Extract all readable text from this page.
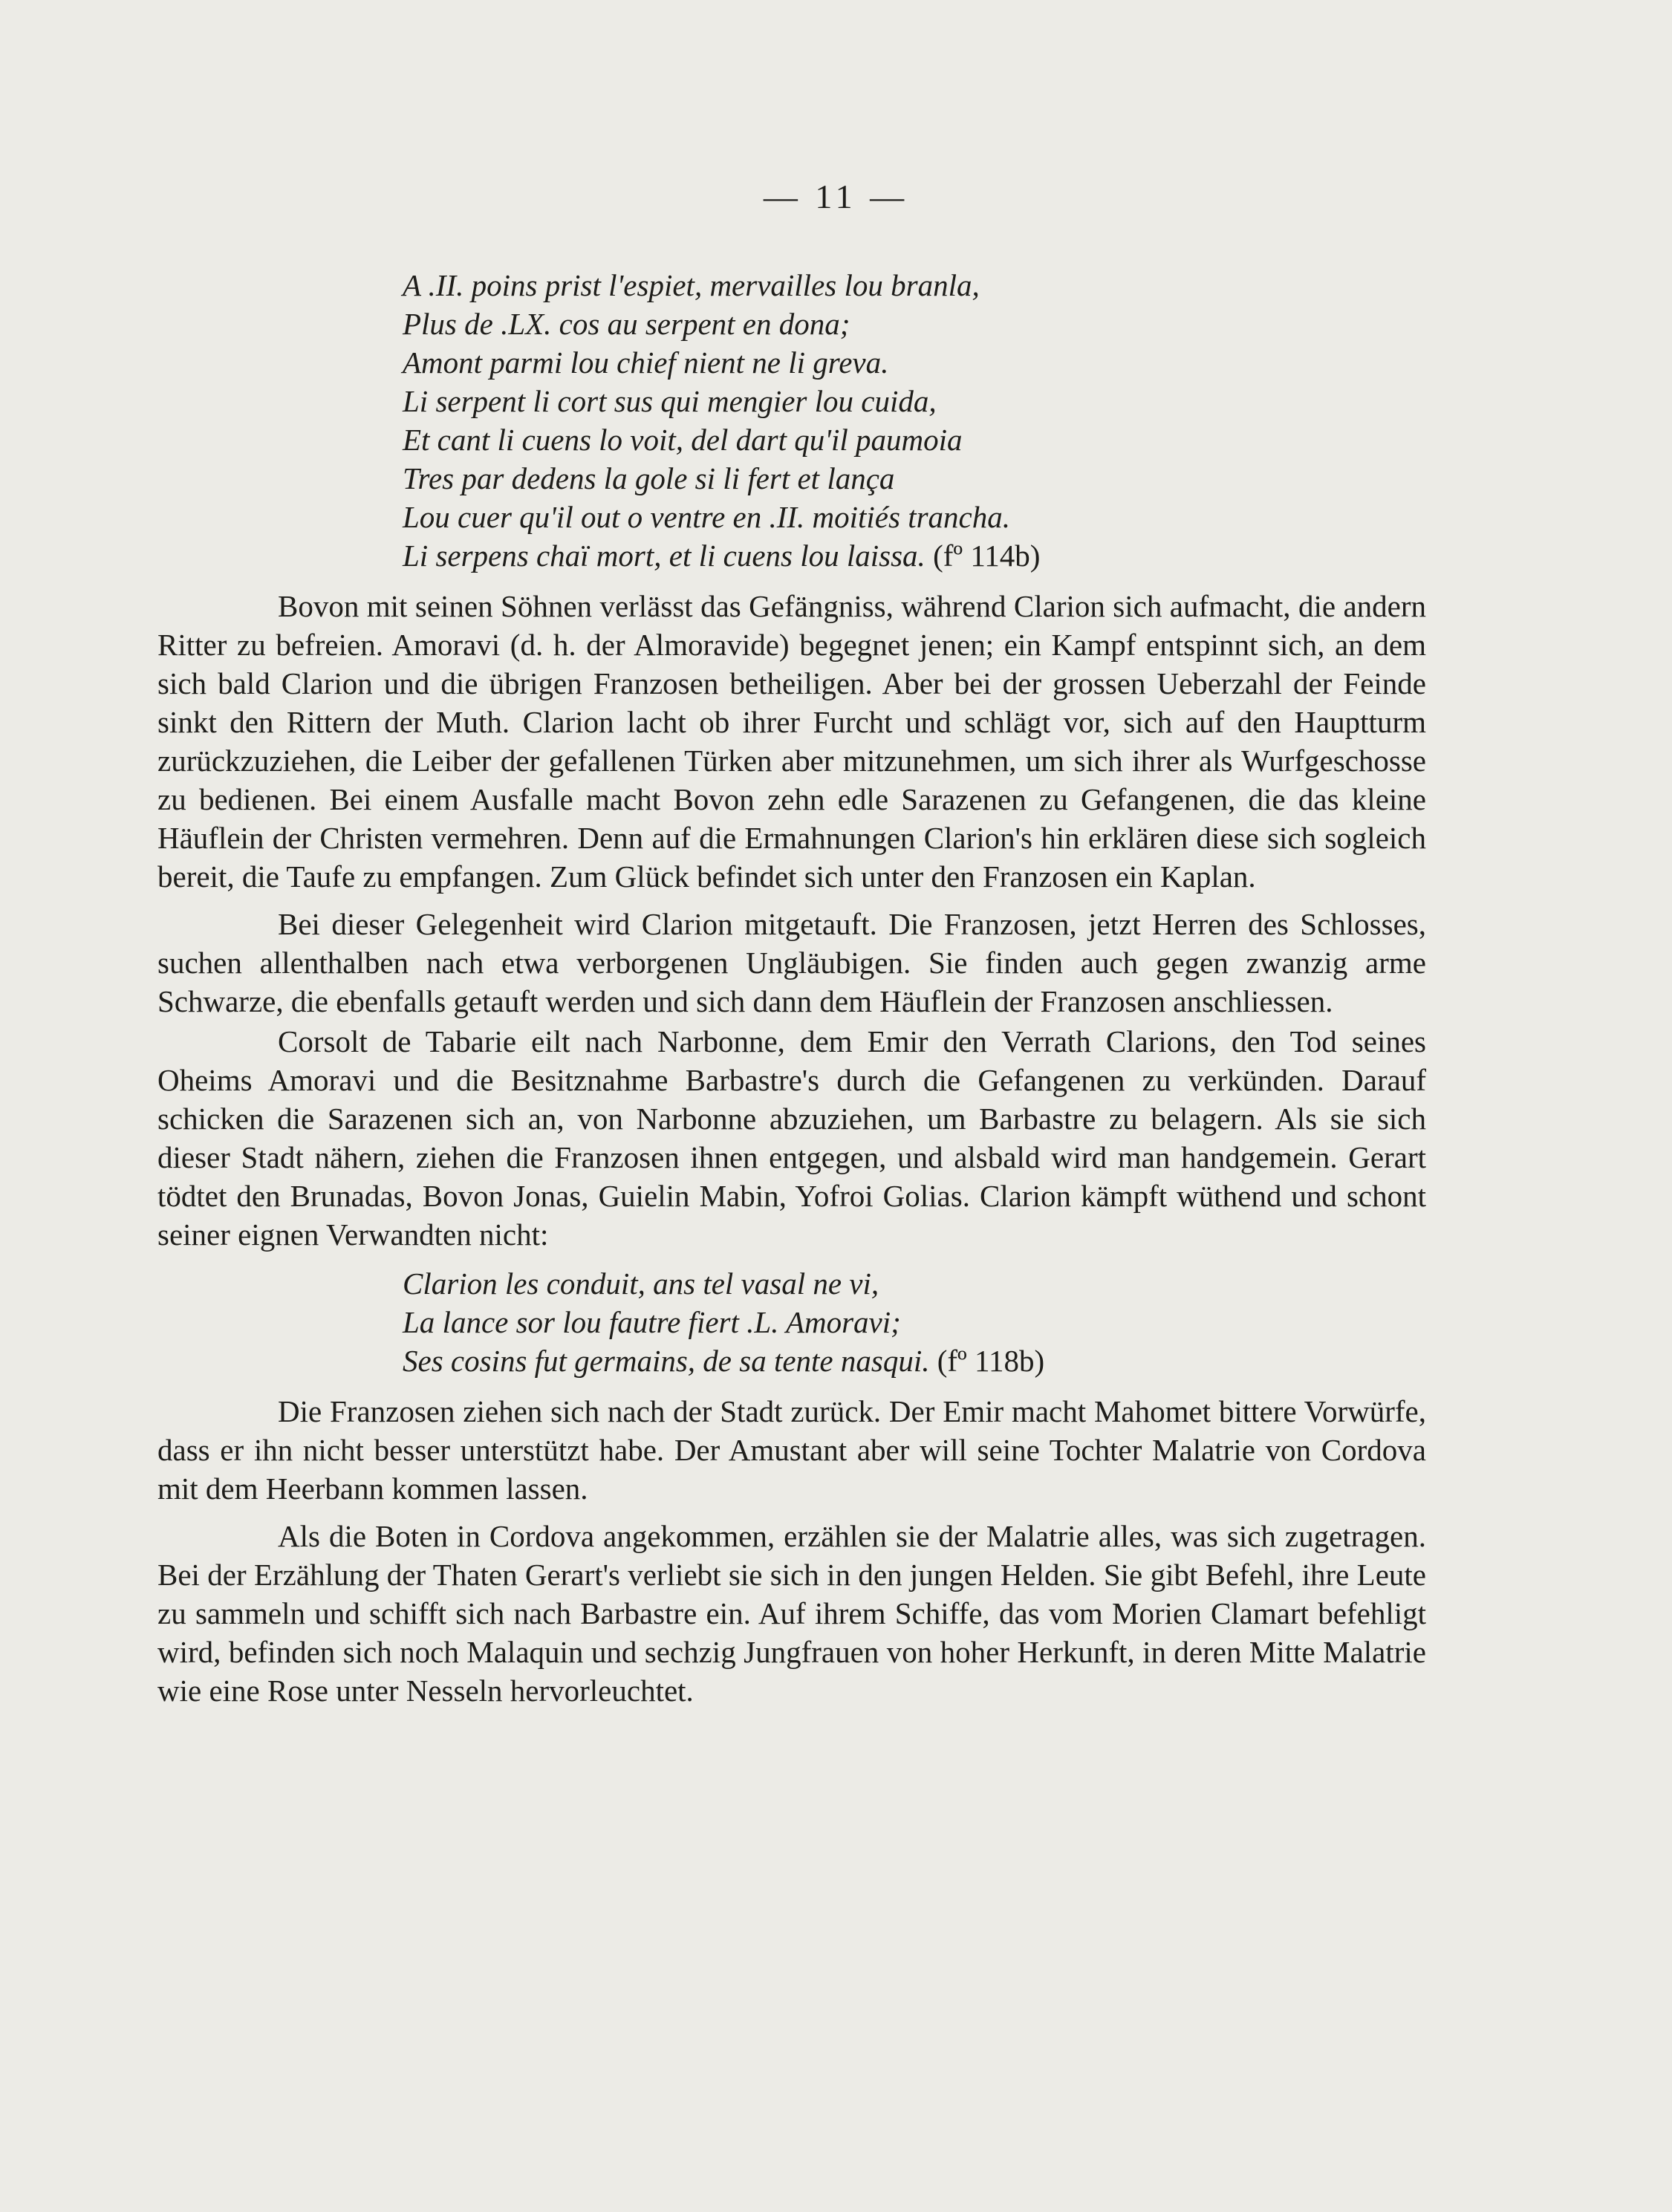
— 11 —
A .II. poins prist l'espiet, mervailles lou branla,
Plus de .LX. cos au serpent en dona;
Amont parmi lou chief nient ne li greva.
Li serpent li cort sus qui mengier lou cuida,
Et cant li cuens lo voit, del dart qu'il paumoia
Tres par dedens la gole si li fert et lança
Lou cuer qu'il out o ventre en .II. moitiés trancha.
Li serpens chaï mort, et li cuens lou laissa. (fº 114b)

Bovon mit seinen Söhnen verlässt das Gefängniss, während Clarion sich aufmacht, die andern Ritter zu befreien. Amoravi (d. h. der Almoravide) begegnet jenen; ein Kampf entspinnt sich, an dem sich bald Clarion und die übrigen Franzosen betheiligen. Aber bei der grossen Ueberzahl der Feinde sinkt den Rittern der Muth. Clarion lacht ob ihrer Furcht und schlägt vor, sich auf den Hauptturm zurückzuziehen, die Leiber der gefallenen Türken aber mitzunehmen, um sich ihrer als Wurfgeschosse zu bedienen. Bei einem Ausfalle macht Bovon zehn edle Sarazenen zu Gefangenen, die das kleine Häuflein der Christen vermehren. Denn auf die Ermahnungen Clarion's hin erklären diese sich sogleich bereit, die Taufe zu empfangen. Zum Glück befindet sich unter den Franzosen ein Kaplan.

Bei dieser Gelegenheit wird Clarion mitgetauft. Die Franzosen, jetzt Herren des Schlosses, suchen allenthalben nach etwa verborgenen Ungläubigen. Sie finden auch gegen zwanzig arme Schwarze, die ebenfalls getauft werden und sich dann dem Häuflein der Franzosen anschliessen.

Corsolt de Tabarie eilt nach Narbonne, dem Emir den Verrath Clarions, den Tod seines Oheims Amoravi und die Besitznahme Barbastre's durch die Gefangenen zu verkünden. Darauf schicken die Sarazenen sich an, von Narbonne abzuziehen, um Barbastre zu belagern. Als sie sich dieser Stadt nähern, ziehen die Franzosen ihnen entgegen, und alsbald wird man handgemein. Gerart tödtet den Brunadas, Bovon Jonas, Guielin Mabin, Yofroi Golias. Clarion kämpft wüthend und schont seiner eignen Verwandten nicht:

Clarion les conduit, ans tel vasal ne vi,
La lance sor lou fautre fiert .L. Amoravi;
Ses cosins fut germains, de sa tente nasqui. (fº 118b)

Die Franzosen ziehen sich nach der Stadt zurück. Der Emir macht Mahomet bittere Vorwürfe, dass er ihn nicht besser unterstützt habe. Der Amustant aber will seine Tochter Malatrie von Cordova mit dem Heerbann kommen lassen.

Als die Boten in Cordova angekommen, erzählen sie der Malatrie alles, was sich zugetragen. Bei der Erzählung der Thaten Gerart's verliebt sie sich in den jungen Helden. Sie gibt Befehl, ihre Leute zu sammeln und schifft sich nach Barbastre ein. Auf ihrem Schiffe, das vom Morien Clamart befehligt wird, befinden sich noch Malaquin und sechzig Jungfrauen von hoher Herkunft, in deren Mitte Malatrie wie eine Rose unter Nesseln hervorleuchtet.
